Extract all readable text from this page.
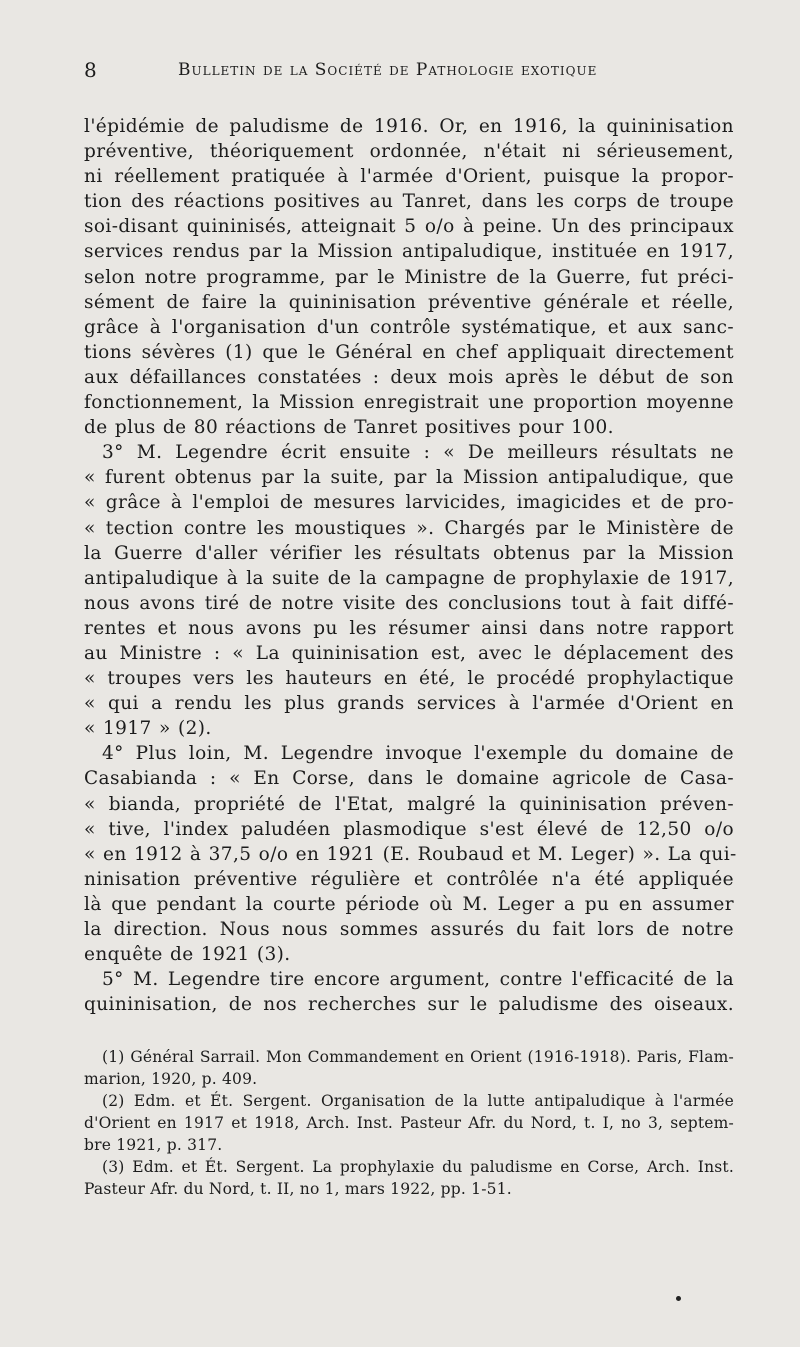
8	Bulletin de la Société de Pathologie exotique
l'épidémie de paludisme de 1916. Or, en 1916, la quininisation
préventive, théoriquement ordonnée, n'était ni sérieusement,
ni réellement pratiquée à l'armée d'Orient, puisque la propor-
tion des réactions positives au Tanret, dans les corps de troupe
soi-disant quininisés, atteignait 5 o/o à peine. Un des principaux
services rendus par la Mission antipaludique, instituée en 1917,
selon notre programme, par le Ministre de la Guerre, fut préci-
sément de faire la quininisation préventive générale et réelle,
grâce à l'organisation d'un contrôle systématique, et aux sanc-
tions sévères (1) que le Général en chef appliquait directement
aux défaillances constatées : deux mois après le début de son
fonctionnement, la Mission enregistrait une proportion moyenne
de plus de 80 réactions de Tanret positives pour 100.
3° M. Legendre écrit ensuite : « De meilleurs résultats ne
« furent obtenus par la suite, par la Mission antipaludique, que
« grâce à l'emploi de mesures larvicides, imagicides et de pro-
« tection contre les moustiques ». Chargés par le Ministère de
la Guerre d'aller vérifier les résultats obtenus par la Mission
antipaludique à la suite de la campagne de prophylaxie de 1917,
nous avons tiré de notre visite des conclusions tout à fait diffé-
rentes et nous avons pu les résumer ainsi dans notre rapport
au Ministre : « La quininisation est, avec le déplacement des
« troupes vers les hauteurs en été, le procédé prophylactique
« qui a rendu les plus grands services à l'armée d'Orient en
« 1917 » (2).
4° Plus loin, M. Legendre invoque l'exemple du domaine de
Casabianda : « En Corse, dans le domaine agricole de Casa-
« bianda, propriété de l'Etat, malgré la quininisation préven-
« tive, l'index paludéen plasmodique s'est élevé de 12,50 o/o
« en 1912 à 37,5 o/o en 1921 (E. Roubaud et M. Leger) ». La qui-
ninisation préventive régulière et contrôlée n'a été appliquée
là que pendant la courte période où M. Leger a pu en assumer
la direction. Nous nous sommes assurés du fait lors de notre
enquête de 1921 (3).
5° M. Legendre tire encore argument, contre l'efficacité de la
quininisation, de nos recherches sur le paludisme des oiseaux.
(1) Général Sarrail. Mon Commandement en Orient (1916-1918). Paris, Flam-
marion, 1920, p. 409.
(2) Edm. et Ét. Sergent. Organisation de la lutte antipaludique à l'armée
d'Orient en 1917 et 1918, Arch. Inst. Pasteur Afr. du Nord, t. I, no 3, septem-
bre 1921, p. 317.
(3) Edm. et Ét. Sergent. La prophylaxie du paludisme en Corse, Arch. Inst.
Pasteur Afr. du Nord, t. II, no 1, mars 1922, pp. 1-51.
